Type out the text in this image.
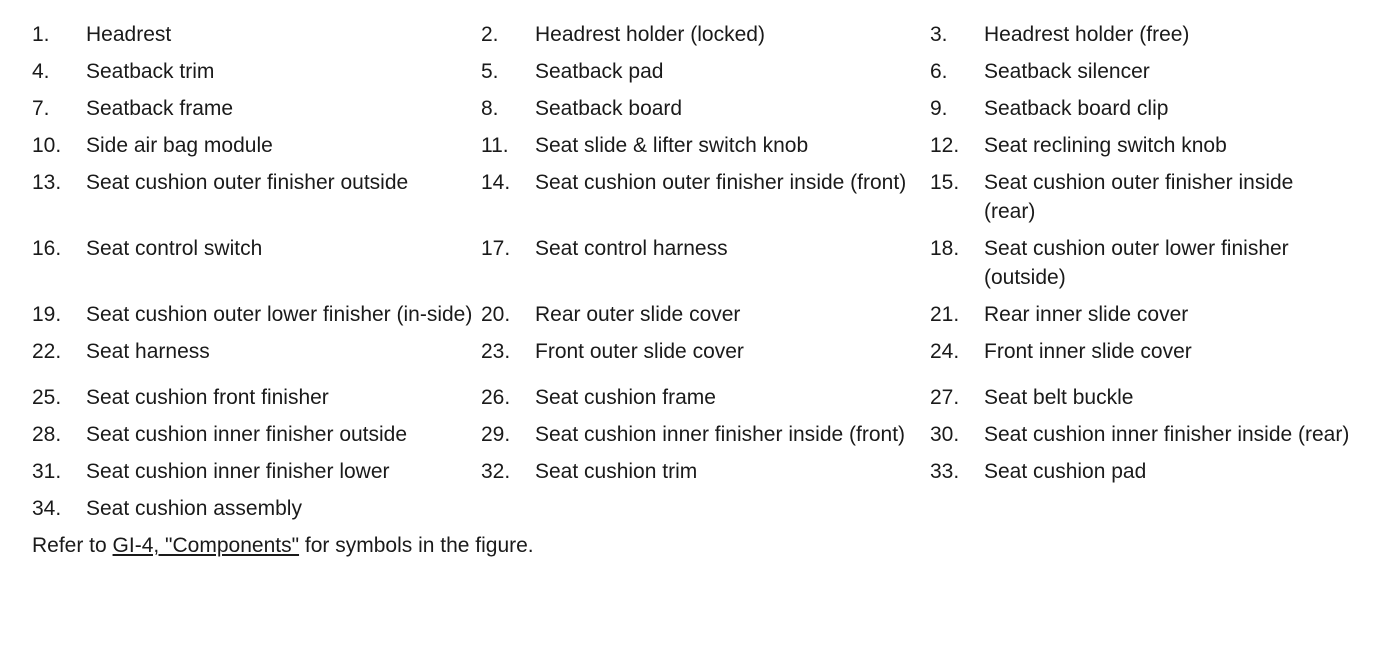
1.	Headrest	2.	Headrest holder (locked)	3.	Headrest holder (free)
4.	Seatback trim	5.	Seatback pad	6.	Seatback silencer
7.	Seatback frame	8.	Seatback board	9.	Seatback board clip
10.	Side air bag module	11.	Seat slide & lifter switch knob	12.	Seat reclining switch knob
13.	Seat cushion outer finisher outside	14.	Seat cushion outer finisher inside (front)	15.	Seat cushion outer finisher inside (rear)
16.	Seat control switch	17.	Seat control harness	18.	Seat cushion outer lower finisher (outside)
19.	Seat cushion outer lower finisher (in-side) 20.	Rear outer slide cover	21.	Rear inner slide cover
22.	Seat harness	23.	Front outer slide cover	24.	Front inner slide cover
25.	Seat cushion front finisher	26.	Seat cushion frame	27.	Seat belt buckle
28.	Seat cushion inner finisher outside	29.	Seat cushion inner finisher inside (front)	30.	Seat cushion inner finisher inside (rear)
31.	Seat cushion inner finisher lower	32.	Seat cushion trim	33.	Seat cushion pad
34.	Seat cushion assembly
Refer to GI-4, "Components" for symbols in the figure.
